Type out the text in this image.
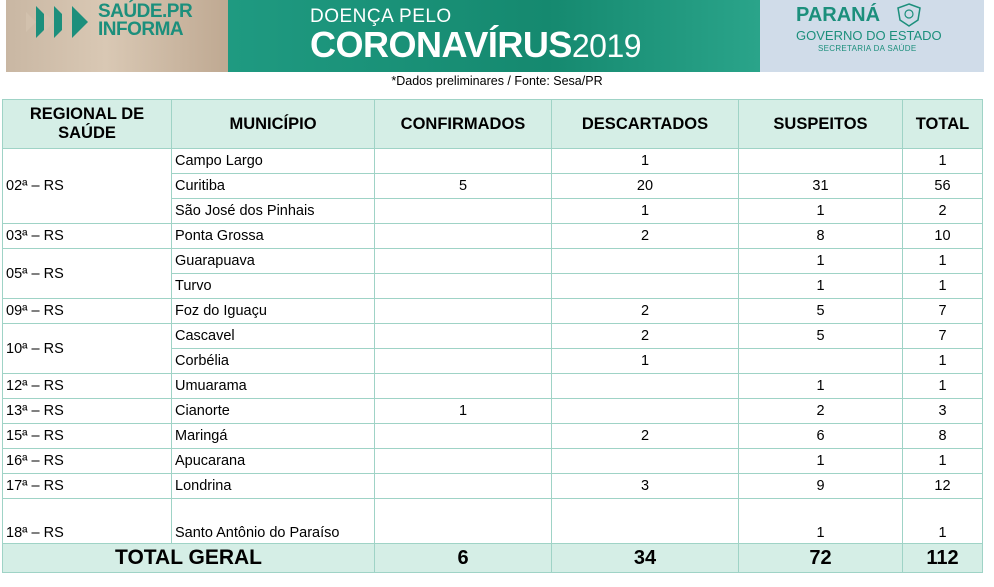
SAÚDE.PR
INFORMA
DOENÇA PELO
CORONAVÍRUS2019
PARANÁ
GOVERNO DO ESTADO
SECRETARIA DA SAÚDE
*Dados preliminares / Fonte: Sesa/PR
REGIONAL DE SAÚDE	MUNICÍPIO	CONFIRMADOS	DESCARTADOS	SUSPEITOS	TOTAL
02ª – RS	Campo Largo		1		1
	Curitiba	5	20	31	56
	São José dos Pinhais		1	1	2
03ª – RS	Ponta Grossa		2	8	10
05ª – RS	Guarapuava			1	1
	Turvo			1	1
09ª – RS	Foz do Iguaçu		2	5	7
10ª – RS	Cascavel		2	5	7
	Corbélia		1		1
12ª – RS	Umuarama			1	1
13ª – RS	Cianorte	1		2	3
15ª – RS	Maringá		2	6	8
16ª – RS	Apucarana			1	1
17ª – RS	Londrina		3	9	12
18ª – RS	Santo Antônio do Paraíso			1	1
TOTAL GERAL		6	34	72	112
